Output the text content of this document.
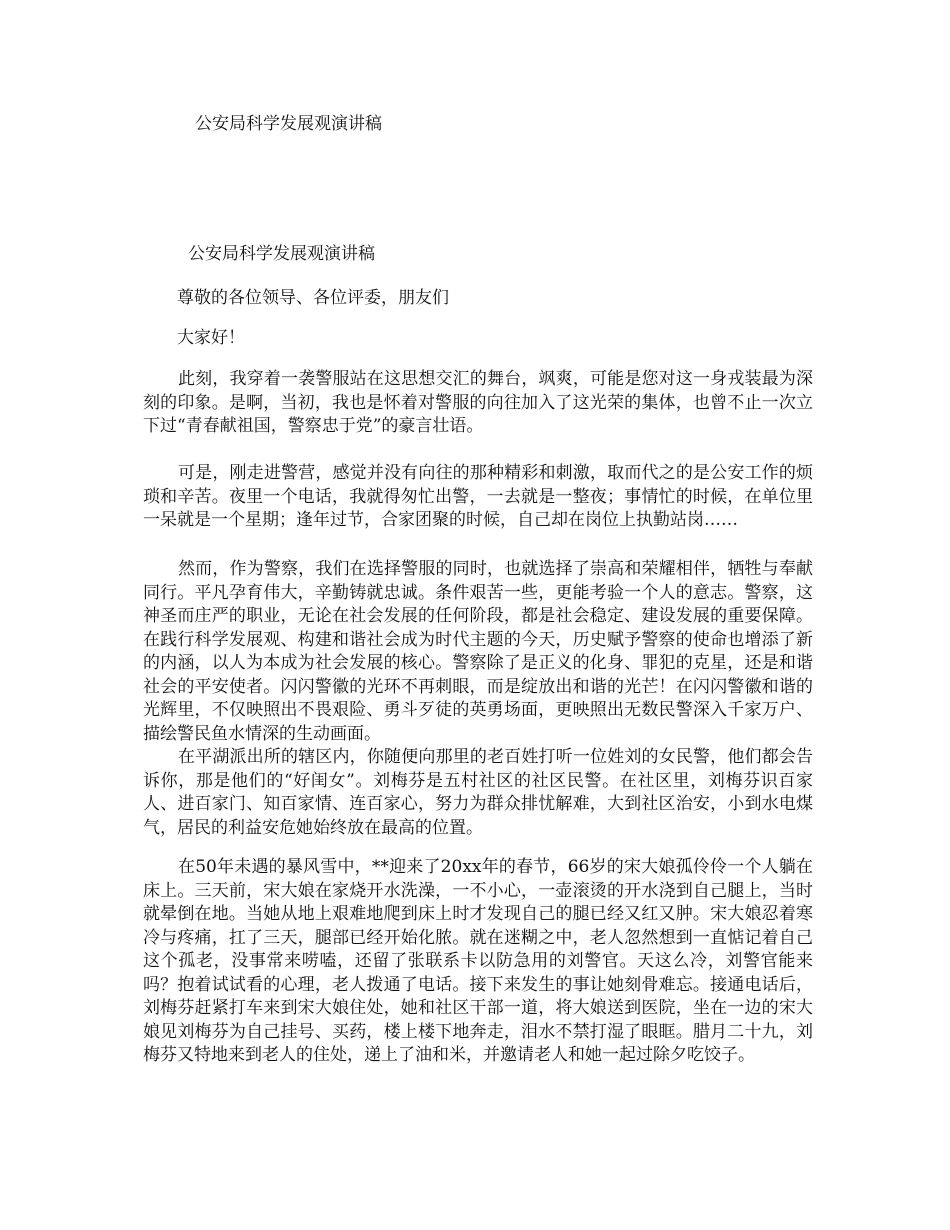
公安局科学发展观演讲稿
公安局科学发展观演讲稿
尊敬的各位领导、各位评委，朋友们
大家好！

此刻，我穿着一袭警服站在这思想交汇的舞台，飒爽，可能是您对这一身戎装最为深刻的印象。是啊，当初，我也是怀着对警服的向往加入了这光荣的集体，也曾不止一次立下过“青春献祖国，警察忠于党”的豪言壮语。

可是，刚走进警营，感觉并没有向往的那种精彩和刺激，取而代之的是公安工作的烦琐和辛苦。夜里一个电话，我就得匆忙出警，一去就是一整夜；事情忙的时候，在单位里一呆就是一个星期；逢年过节，合家团聚的时候，自己却在岗位上执勤站岗……

然而，作为警察，我们在选择警服的同时，也就选择了崇高和荣耀相伴，牺牲与奉献同行。平凡孕育伟大，辛勤铸就忠诚。条件艰苦一些，更能考验一个人的意志。警察，这神圣而庄严的职业，无论在社会发展的任何阶段，都是社会稳定、建设发展的重要保障。在践行科学发展观、构建和谐社会成为时代主题的今天，历史赋予警察的使命也增添了新的内涵，以人为本成为社会发展的核心。警察除了是正义的化身、罪犯的克星，还是和谐社会的平安使者。闪闪警徽的光环不再刺眼，而是绽放出和谐的光芒！在闪闪警徽和谐的光辉里，不仅映照出不畏艰险、勇斗歹徒的英勇场面，更映照出无数民警深入千家万户、描绘警民鱼水情深的生动画面。

在平湖派出所的辖区内，你随便向那里的老百姓打听一位姓刘的女民警，他们都会告诉你，那是他们的“好闺女”。刘梅芬是五村社区的社区民警。在社区里，刘梅芬识百家人、进百家门、知百家情、连百家心，努力为群众排忧解难，大到社区治安，小到水电煤气，居民的利益安危她始终放在最高的位置。

在50年未遇的暴风雪中，**迎来了20xx年的春节，66岁的宋大娘孤伶伶一个人躺在床上。三天前，宋大娘在家烧开水洗澡，一不小心，一壶滚烫的开水浇到自己腿上，当时就晕倒在地。当她从地上艰难地爬到床上时才发现自己的腿已经又红又肿。宋大娘忍着寒冷与疼痛，扛了三天，腿部已经开始化脓。就在迷糊之中，老人忽然想到一直惦记着自己这个孤老，没事常来唠嗑，还留了张联系卡以防急用的刘警官。天这么冷，刘警官能来吗？抱着试试看的心理，老人拨通了电话。接下来发生的事让她刻骨难忘。接通电话后，刘梅芬赶紧打车来到宋大娘住处，她和社区干部一道，将大娘送到医院，坐在一边的宋大娘见刘梅芬为自己挂号、买药，楼上楼下地奔走，泪水不禁打湿了眼眶。腊月二十九，刘梅芬又特地来到老人的住处，递上了油和米，并邀请老人和她一起过除夕吃饺子。
